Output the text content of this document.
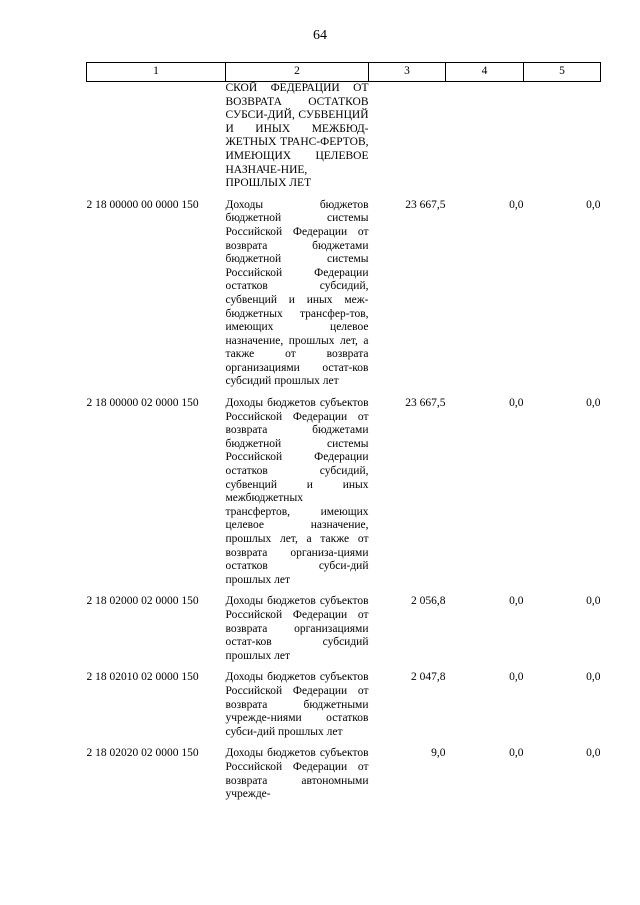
64
1	2	3	4	5
	СКОЙ ФЕДЕРАЦИИ ОТ ВОЗВРАТА ОСТАТКОВ СУБСИ-ДИЙ, СУБВЕНЦИЙ И ИНЫХ МЕЖБЮД-ЖЕТНЫХ ТРАНС-ФЕРТОВ, ИМЕЮЩИХ ЦЕЛЕВОЕ НАЗНАЧЕ-НИЕ, ПРОШЛЫХ ЛЕТ			
2 18 00000 00 0000 150	Доходы бюджетов бюджетной системы Российской Федерации от возврата бюджетами бюджетной системы Российской Федерации остатков субсидий, субвенций и иных меж-бюджетных трансфер-тов, имеющих целевое назначение, прошлых лет, а также от возврата организациями остат-ков субсидий прошлых лет	23 667,5	0,0	0,0
2 18 00000 02 0000 150	Доходы бюджетов субъектов Российской Федерации от возврата бюджетами бюджетной системы Российской Федерации остатков субсидий, субвенций и иных межбюджетных трансфертов, имеющих целевое назначение, прошлых лет, а также от возврата организа-циями остатков субси-дий прошлых лет	23 667,5	0,0	0,0
2 18 02000 02 0000 150	Доходы бюджетов субъектов Российской Федерации от возврата организациями остат-ков субсидий прошлых лет	2 056,8	0,0	0,0
2 18 02010 02 0000 150	Доходы бюджетов субъектов Российской Федерации от возврата бюджетными учрежде-ниями остатков субси-дий прошлых лет	2 047,8	0,0	0,0
2 18 02020 02 0000 150	Доходы бюджетов субъектов Российской Федерации от возврата автономными учрежде-	9,0	0,0	0,0
